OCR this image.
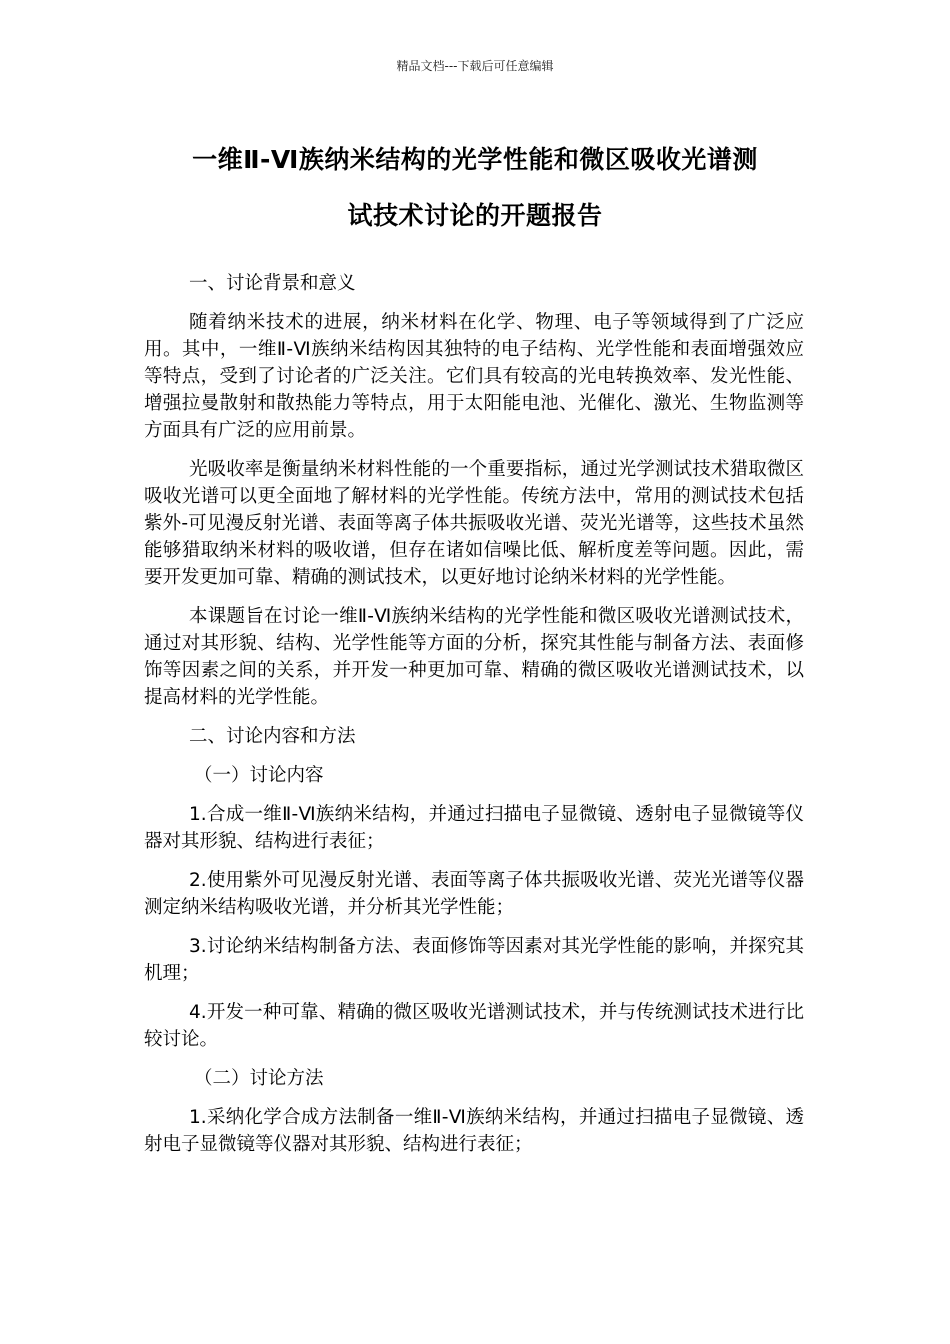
精品文档---下载后可任意编辑
一维Ⅱ-Ⅵ族纳米结构的光学性能和微区吸收光谱测
试技术讨论的开题报告

一、讨论背景和意义

随着纳米技术的进展，纳米材料在化学、物理、电子等领域得到了广泛应用。其中，一维Ⅱ-Ⅵ族纳米结构因其独特的电子结构、光学性能和表面增强效应等特点，受到了讨论者的广泛关注。它们具有较高的光电转换效率、发光性能、增强拉曼散射和散热能力等特点，用于太阳能电池、光催化、激光、生物监测等方面具有广泛的应用前景。

光吸收率是衡量纳米材料性能的一个重要指标，通过光学测试技术猎取微区吸收光谱可以更全面地了解材料的光学性能。传统方法中，常用的测试技术包括紫外-可见漫反射光谱、表面等离子体共振吸收光谱、荧光光谱等，这些技术虽然能够猎取纳米材料的吸收谱，但存在诸如信噪比低、解析度差等问题。因此，需要开发更加可靠、精确的测试技术，以更好地讨论纳米材料的光学性能。

本课题旨在讨论一维Ⅱ-Ⅵ族纳米结构的光学性能和微区吸收光谱测试技术，通过对其形貌、结构、光学性能等方面的分析，探究其性能与制备方法、表面修饰等因素之间的关系，并开发一种更加可靠、精确的微区吸收光谱测试技术，以提高材料的光学性能。

二、讨论内容和方法

（一）讨论内容

1.合成一维Ⅱ-Ⅵ族纳米结构，并通过扫描电子显微镜、透射电子显微镜等仪器对其形貌、结构进行表征；

2.使用紫外可见漫反射光谱、表面等离子体共振吸收光谱、荧光光谱等仪器测定纳米结构吸收光谱，并分析其光学性能；

3.讨论纳米结构制备方法、表面修饰等因素对其光学性能的影响，并探究其机理；

4.开发一种可靠、精确的微区吸收光谱测试技术，并与传统测试技术进行比较讨论。

（二）讨论方法

1.采纳化学合成方法制备一维Ⅱ-Ⅵ族纳米结构，并通过扫描电子显微镜、透射电子显微镜等仪器对其形貌、结构进行表征；
